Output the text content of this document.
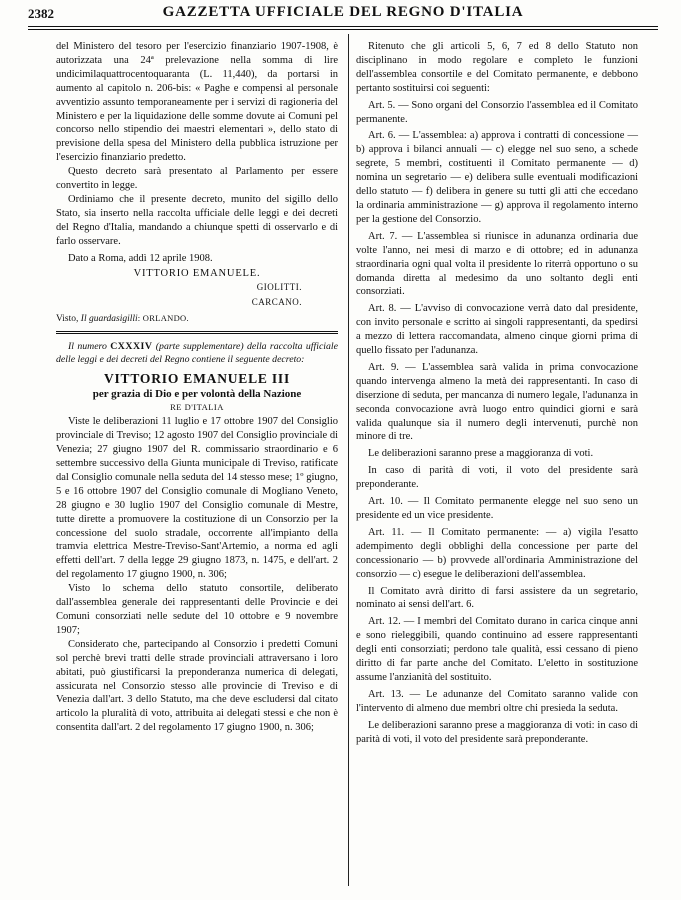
2382	GAZZETTA UFFICIALE DEL REGNO D'ITALIA

del Ministero del tesoro per l'esercizio finanziario 1907-1908, è autorizzata una 24ª prelevazione nella somma di lire undicimilaquattrocentoquaranta (L. 11,440), da portarsi in aumento al capitolo n. 206-bis: « Paghe e compensi al personale avventizio assunto temporaneamente per i servizi di ragioneria del Ministero e per la liquidazione delle somme dovute ai Comuni pel concorso nello stipendio dei maestri elementari », dello stato di previsione della spesa del Ministero della pubblica istruzione per l'esercizio finanziario predetto.

Questo decreto sarà presentato al Parlamento per essere convertito in legge.

Ordiniamo che il presente decreto, munito del sigillo dello Stato, sia inserto nella raccolta ufficiale delle leggi e dei decreti del Regno d'Italia, mandando a chiunque spetti di osservarlo e di farlo osservare.

Dato a Roma, addì 12 aprile 1908.

VITTORIO EMANUELE.
GIOLITTI.
CARCANO.
Visto, Il guardasigilli: ORLANDO.

Il numero CXXXIV (parte supplementare) della raccolta ufficiale delle leggi e dei decreti del Regno contiene il seguente decreto:

VITTORIO EMANUELE III
per grazia di Dio e per volontà della Nazione
RE D'ITALIA

Viste le deliberazioni 11 luglio e 17 ottobre 1907 del Consiglio provinciale di Treviso; 12 agosto 1907 del Consiglio provinciale di Venezia; 27 giugno 1907 del R. commissario straordinario e 6 settembre successivo della Giunta municipale di Treviso, ratificate dal Consiglio comunale nella seduta del 14 stesso mese; 1º giugno, 5 e 16 ottobre 1907 del Consiglio comunale di Mogliano Veneto, 28 giugno e 30 luglio 1907 del Consiglio comunale di Mestre, tutte dirette a promuovere la costituzione di un Consorzio per la concessione del suolo stradale, occorrente all'impianto della tramvia elettrica Mestre-Treviso-Sant'Artemio, a norma ed agli effetti dell'art. 7 della legge 29 giugno 1873, n. 1475, e dell'art. 2 del regolamento 17 giugno 1900, n. 306;

Visto lo schema dello statuto consortile, deliberato dall'assemblea generale dei rappresentanti delle Provincie e dei Comuni consorziati nelle sedute del 10 ottobre e 9 novembre 1907;

Considerato che, partecipando al Consorzio i predetti Comuni sol perchè brevi tratti delle strade provinciali attraversano i loro abitati, può giustificarsi la preponderanza numerica di delegati, assicurata nel Consorzio stesso alle provincie di Treviso e di Venezia dall'art. 3 dello Statuto, ma che deve escludersi dal citato articolo la pluralità di voto, attribuita ai delegati stessi e che non è consentita dall'art. 2 del regolamento 17 giugno 1900, n. 306;

Ritenuto che gli articoli 5, 6, 7 ed 8 dello Statuto non disciplinano in modo regolare e completo le funzioni dell'assemblea consortile e del Comitato permanente, e debbono pertanto sostituirsi coi seguenti:

Art. 5. — Sono organi del Consorzio l'assemblea ed il Comitato permanente.

Art. 6. — L'assemblea: a) approva i contratti di concessione — b) approva i bilanci annuali — c) elegge nel suo seno, a schede segrete, 5 membri, costituenti il Comitato permanente — d) nomina un segretario — e) delibera sulle eventuali modificazioni dello statuto — f) delibera in genere su tutti gli atti che eccedano la ordinaria amministrazione — g) approva il regolamento interno per la gestione del Consorzio.

Art. 7. — L'assemblea si riunisce in adunanza ordinaria due volte l'anno, nei mesi di marzo e di ottobre; ed in adunanza straordinaria ogni qual volta il presidente lo riterrà opportuno o su domanda diretta al medesimo da uno soltanto degli enti consorziati.

Art. 8. — L'avviso di convocazione verrà dato dal presidente, con invito personale e scritto ai singoli rappresentanti, da spedirsi a mezzo di lettera raccomandata, almeno cinque giorni prima di quello fissato per l'adunanza.

Art. 9. — L'assemblea sarà valida in prima convocazione quando intervenga almeno la metà dei rappresentanti. In caso di diserzione di seduta, per mancanza di numero legale, l'adunanza in seconda convocazione avrà luogo entro quindici giorni e sarà valida qualunque sia il numero degli intervenuti, purchè non minore di tre.

Le deliberazioni saranno prese a maggioranza di voti.

In caso di parità di voti, il voto del presidente sarà preponderante.

Art. 10. — Il Comitato permanente elegge nel suo seno un presidente ed un vice presidente.

Art. 11. — Il Comitato permanente: — a) vigila l'esatto adempimento degli obblighi della concessione per parte del concessionario — b) provvede all'ordinaria Amministrazione del consorzio — c) esegue le deliberazioni dell'assemblea.

Il Comitato avrà diritto di farsi assistere da un segretario, nominato ai sensi dell'art. 6.

Art. 12. — I membri del Comitato durano in carica cinque anni e sono rieleggibili, quando continuino ad essere rappresentanti degli enti consorziati; perdono tale qualità, essi cessano di pieno diritto di far parte anche del Comitato. L'eletto in sostituzione assume l'anzianità del sostituito.

Art. 13. — Le adunanze del Comitato saranno valide con l'intervento di almeno due membri oltre chi presieda la seduta.

Le deliberazioni saranno prese a maggioranza di voti: in caso di parità di voti, il voto del presidente sarà preponderante.
